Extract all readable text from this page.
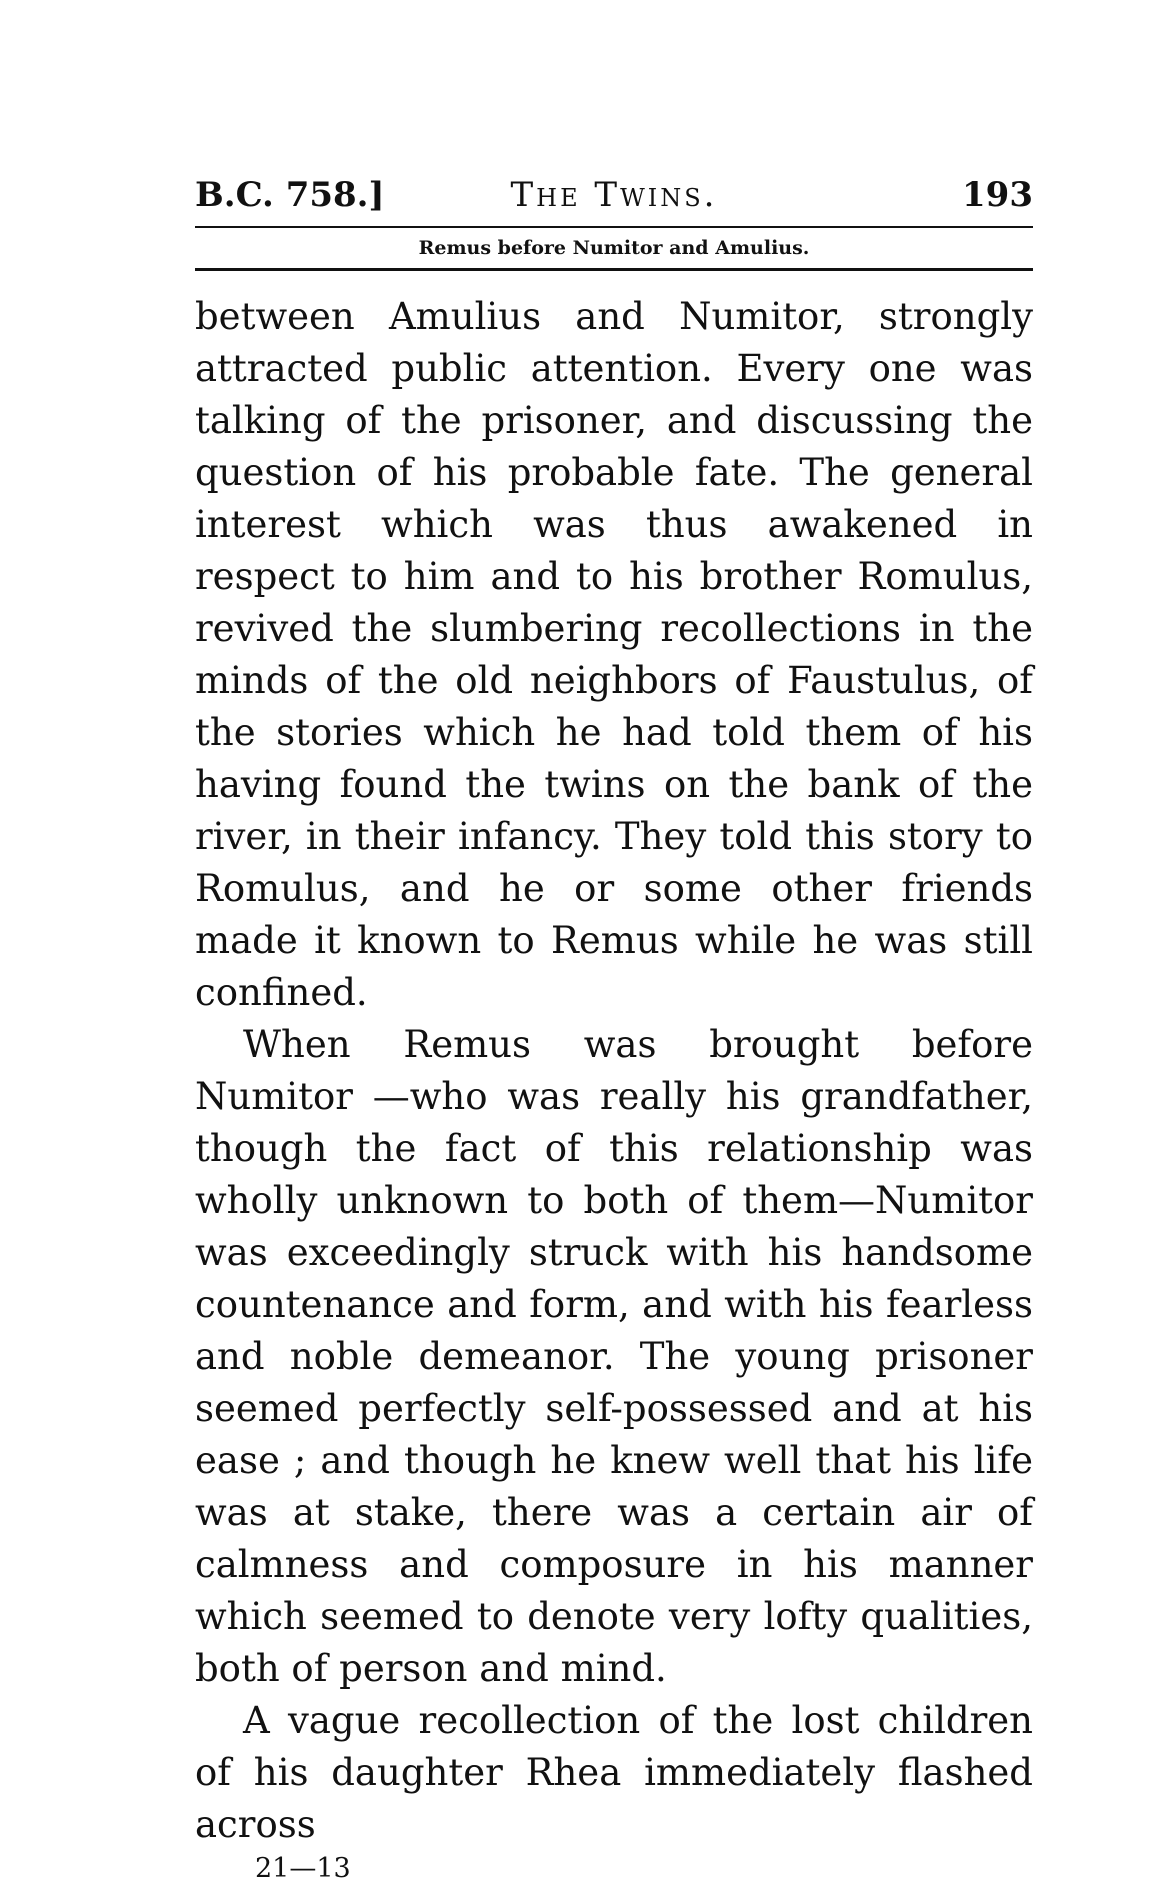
B.C. 758.]	The Twins.	193
Remus before Numitor and Amulius.

between Amulius and Numitor, strongly attracted public attention. Every one was talking of the prisoner, and discussing the question of his probable fate. The general interest which was thus awakened in respect to him and to his brother Romulus, revived the slumbering recollections in the minds of the old neighbors of Faustulus, of the stories which he had told them of his having found the twins on the bank of the river, in their infancy. They told this story to Romulus, and he or some other friends made it known to Remus while he was still confined.

When Remus was brought before Numitor —who was really his grandfather, though the fact of this relationship was wholly unknown to both of them—Numitor was exceedingly struck with his handsome countenance and form, and with his fearless and noble demeanor. The young prisoner seemed perfectly self-possessed and at his ease ; and though he knew well that his life was at stake, there was a certain air of calmness and composure in his manner which seemed to denote very lofty qualities, both of person and mind.

A vague recollection of the lost children of his daughter Rhea immediately flashed across

21—13
